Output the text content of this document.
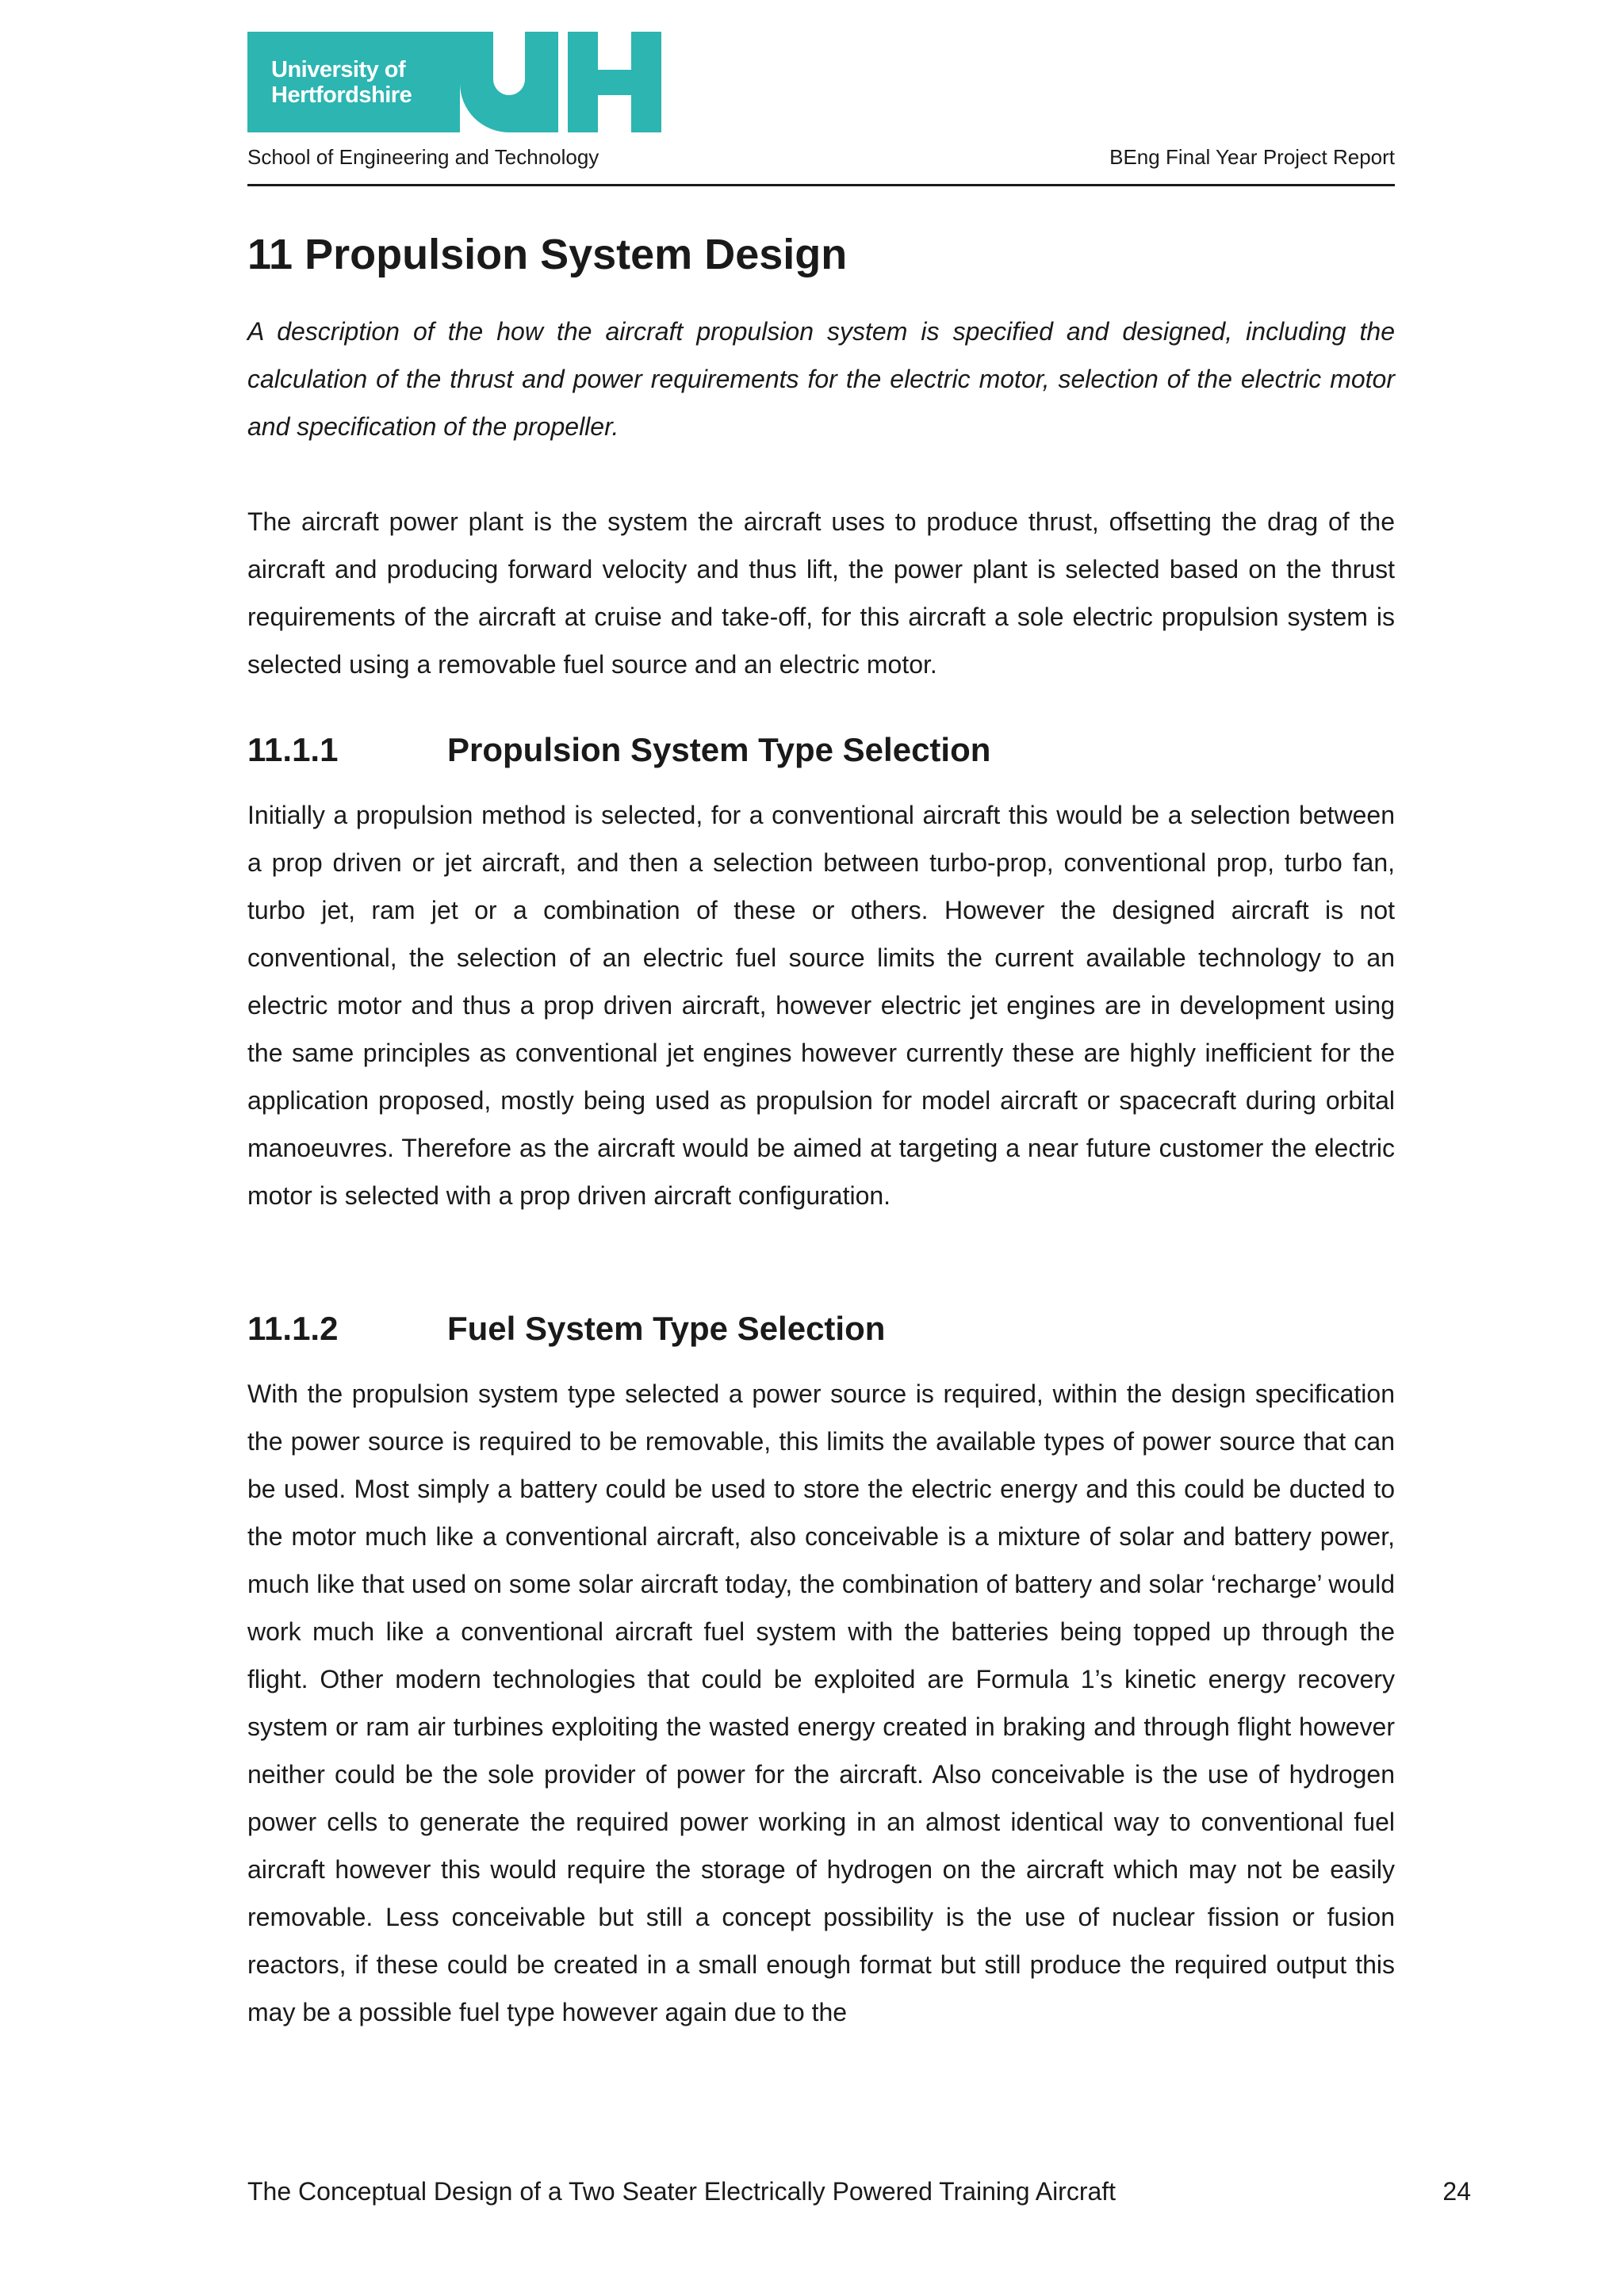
University of
Hertfordshire
School of Engineering and Technology	BEng Final Year Project Report
11 Propulsion System Design

A description of the how the aircraft propulsion system is specified and designed, including the calculation of the thrust and power requirements for the electric motor, selection of the electric motor and specification of the propeller.

The aircraft power plant is the system the aircraft uses to produce thrust, offsetting the drag of the aircraft and producing forward velocity and thus lift, the power plant is selected based on the thrust requirements of the aircraft at cruise and take-off, for this aircraft a sole electric propulsion system is selected using a removable fuel source and an electric motor.

11.1.1	Propulsion System Type Selection

Initially a propulsion method is selected, for a conventional aircraft this would be a selection between a prop driven or jet aircraft, and then a selection between turbo-prop, conventional prop, turbo fan, turbo jet, ram jet or a combination of these or others. However the designed aircraft is not conventional, the selection of an electric fuel source limits the current available technology to an electric motor and thus a prop driven aircraft, however electric jet engines are in development using the same principles as conventional jet engines however currently these are highly inefficient for the application proposed, mostly being used as propulsion for model aircraft or spacecraft during orbital manoeuvres. Therefore as the aircraft would be aimed at targeting a near future customer the electric motor is selected with a prop driven aircraft configuration.

11.1.2	Fuel System Type Selection

With the propulsion system type selected a power source is required, within the design specification the power source is required to be removable, this limits the available types of power source that can be used. Most simply a battery could be used to store the electric energy and this could be ducted to the motor much like a conventional aircraft, also conceivable is a mixture of solar and battery power, much like that used on some solar aircraft today, the combination of battery and solar ‘recharge’ would work much like a conventional aircraft fuel system with the batteries being topped up through the flight. Other modern technologies that could be exploited are Formula 1’s kinetic energy recovery system or ram air turbines exploiting the wasted energy created in braking and through flight however neither could be the sole provider of power for the aircraft. Also conceivable is the use of hydrogen power cells to generate the required power working in an almost identical way to conventional fuel aircraft however this would require the storage of hydrogen on the aircraft which may not be easily removable. Less conceivable but still a concept possibility is the use of nuclear fission or fusion reactors, if these could be created in a small enough format but still produce the required output this may be a possible fuel type however again due to the

The Conceptual Design of a Two Seater Electrically Powered Training Aircraft	24
